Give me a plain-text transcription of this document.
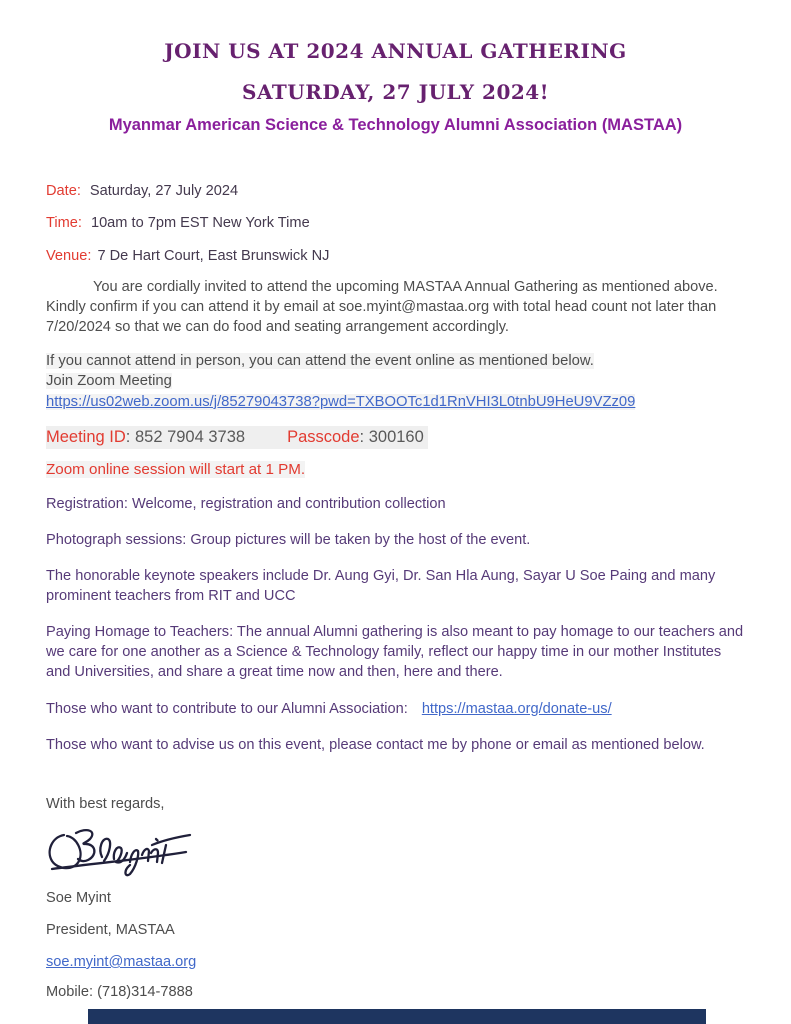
JOIN US AT 2024 ANNUAL GATHERING
SATURDAY, 27 JULY 2024!
Myanmar American Science & Technology Alumni Association (MASTAA)
Date: Saturday, 27 July 2024
Time: 10am to 7pm EST New York Time
Venue: 7 De Hart Court, East Brunswick NJ

You are cordially invited to attend the upcoming MASTAA Annual Gathering as mentioned above.  Kindly confirm if you can attend it by email at soe.myint@mastaa.org with total head count not later than 7/20/2024 so that we can do food and seating arrangement accordingly.

If you cannot attend in person, you can attend the event online as mentioned below.
Join Zoom Meeting
https://us02web.zoom.us/j/85279043738?pwd=TXBOOTc1d1RnVHI3L0tnbU9HeU9VZz09
Meeting ID: 852 7904 3738	Passcode: 300160
Zoom online session will start at 1 PM.

Registration: Welcome, registration and contribution collection

Photograph sessions: Group pictures will be taken by the host of the event.

The honorable keynote speakers include Dr. Aung Gyi, Dr. San Hla Aung, Sayar U Soe Paing and many prominent teachers from RIT and UCC

Paying Homage to Teachers: The annual Alumni gathering is also meant to pay homage to our teachers and we care for one another as a Science & Technology family, reflect our happy time in our mother Institutes and Universities, and share a great time now and then, here and there.

Those who want to contribute to our Alumni Association: https://mastaa.org/donate-us/

Those who want to advise us on this event, please contact me by phone or email as mentioned below.

With best regards,
Soe Myint
President, MASTAA
soe.myint@mastaa.org
Mobile: (718)314-7888
